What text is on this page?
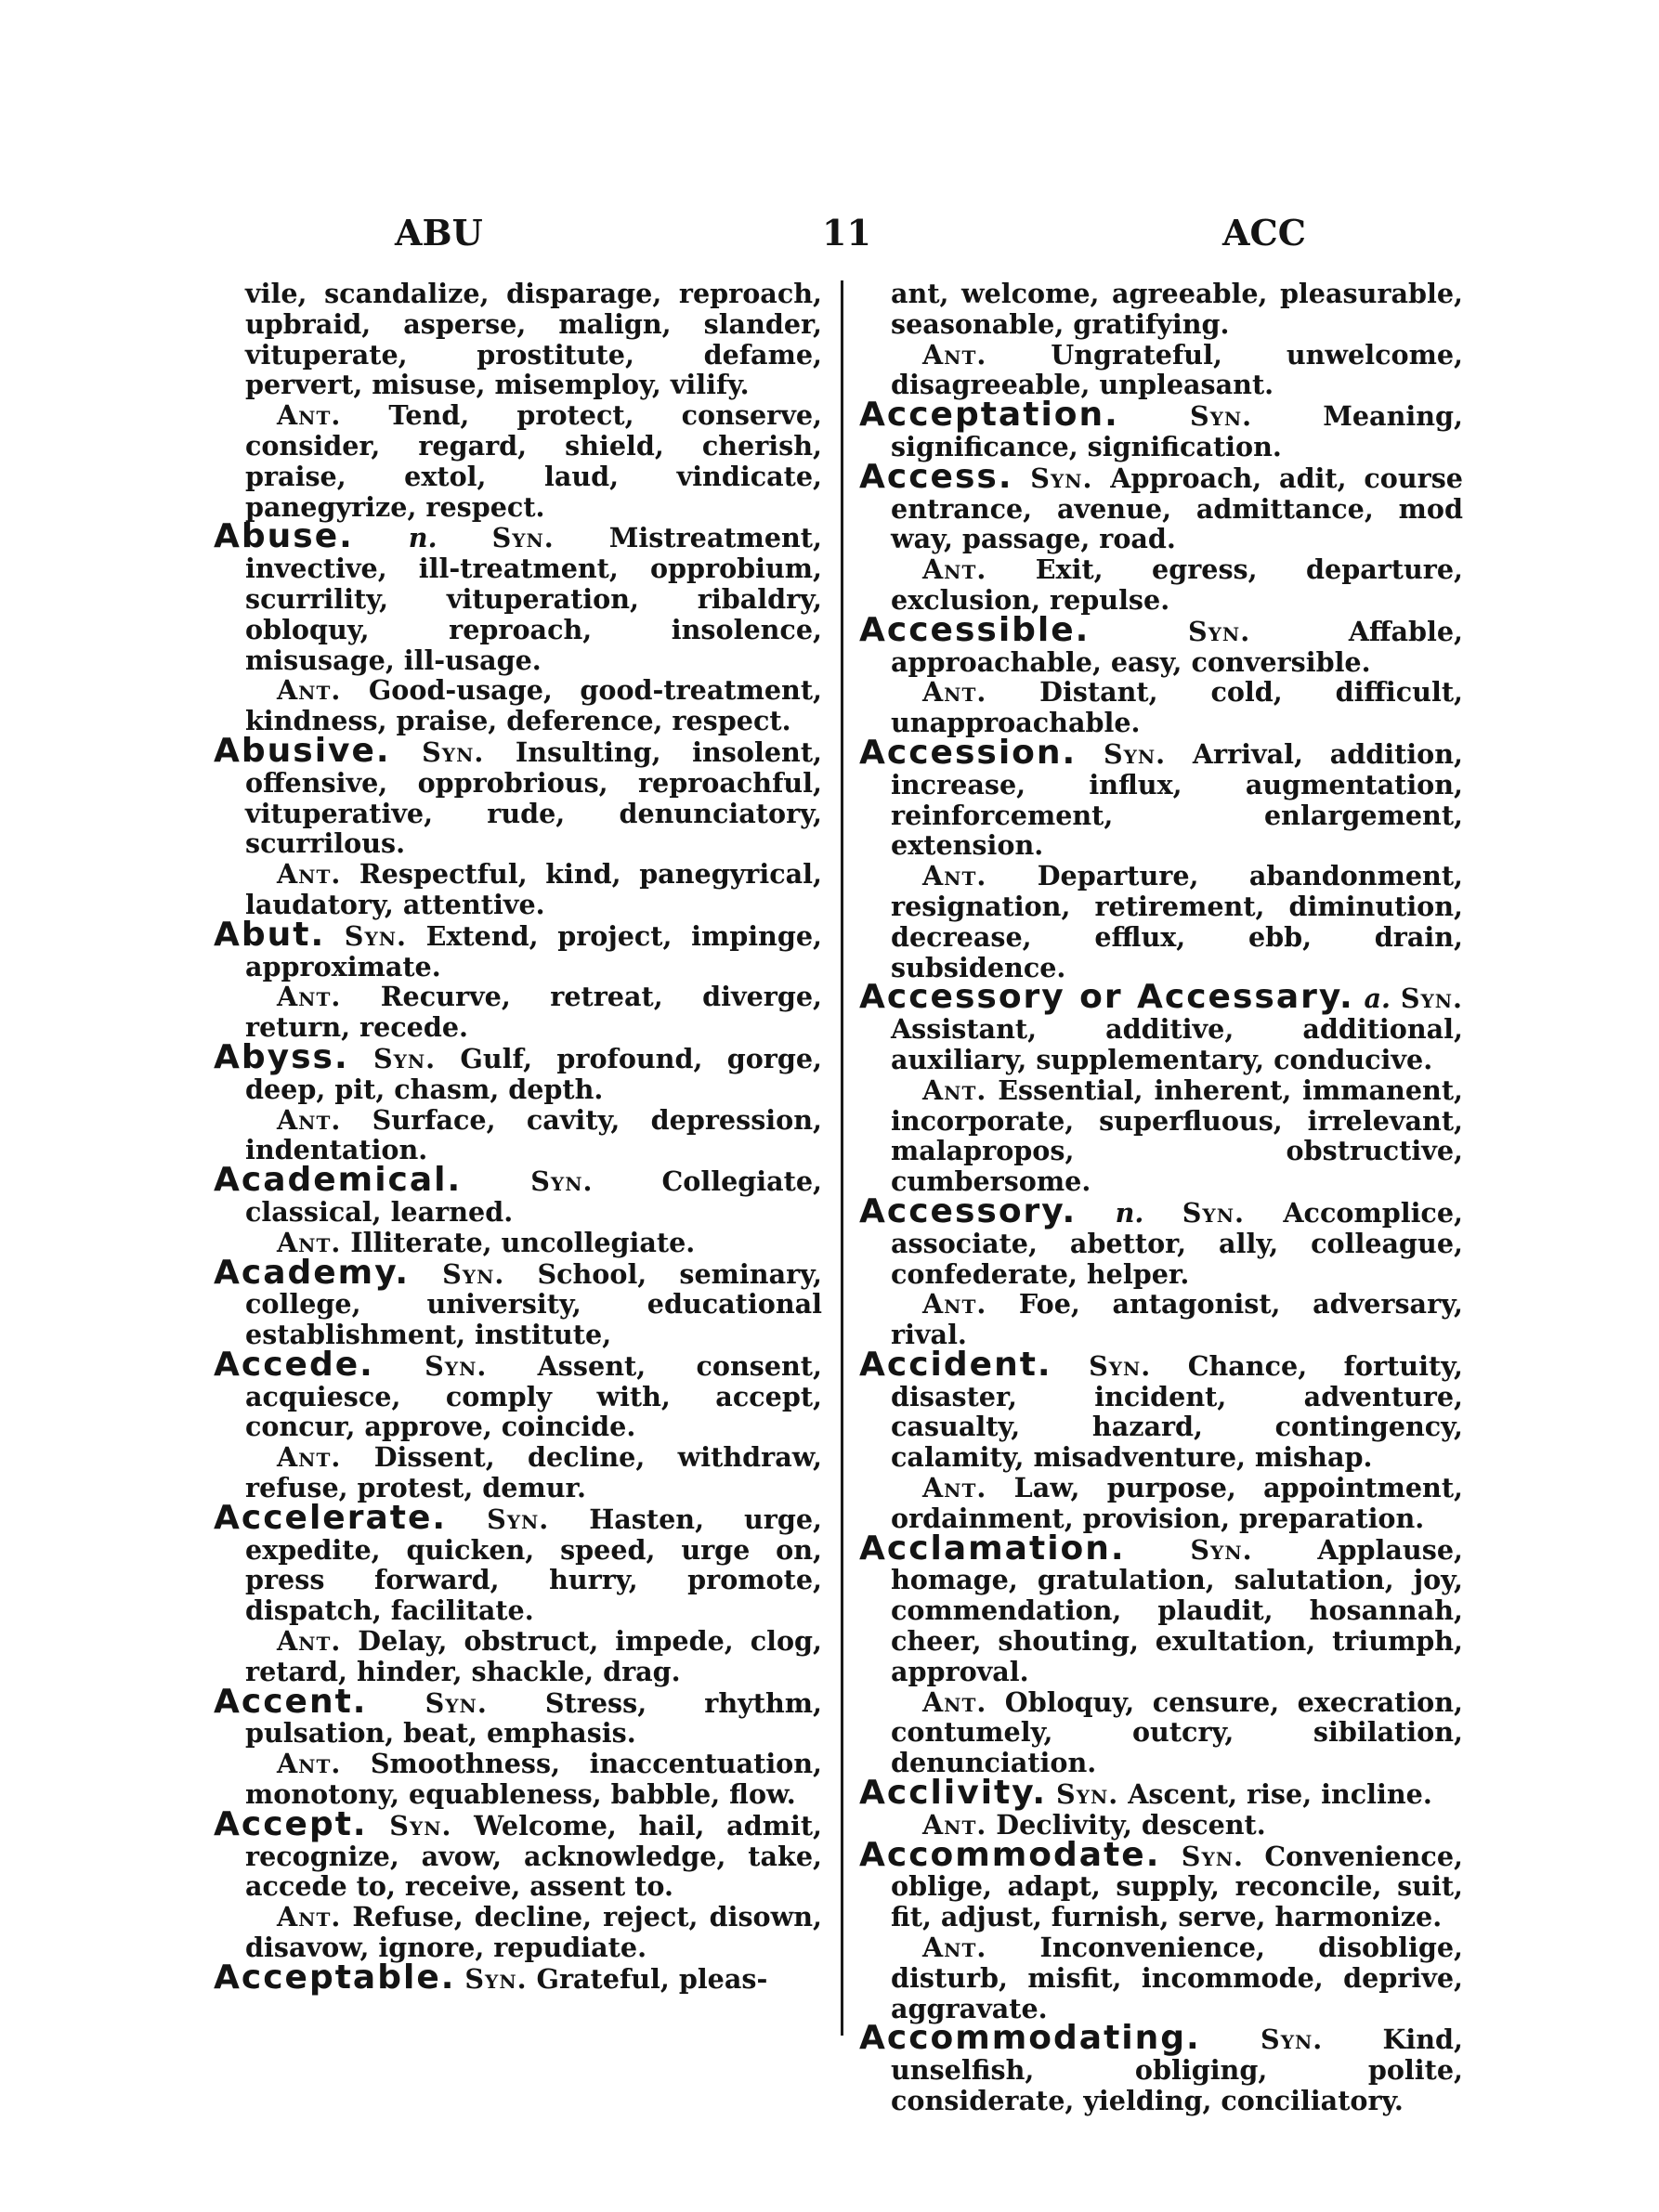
ABU	11	ACC

vile, scandalize, disparage, reproach, upbraid, asperse, malign, slander, vituperate, prostitute, defame, pervert, misuse, misemploy, vilify.

Ant. Tend, protect, conserve, consider, regard, shield, cherish, praise, extol, laud, vindicate, panegyrize, respect.

Abuse. n. Syn. Mistreatment, invective, ill-treatment, opprobium, scurrility, vituperation, ribaldry, obloquy, reproach, insolence, misusage, ill-usage.

Ant. Good-usage, good-treatment, kindness, praise, deference, respect.

Abusive. Syn. Insulting, insolent, offensive, opprobrious, reproachful, vituperative, rude, denunciatory, scurrilous.

Ant. Respectful, kind, panegyrical, laudatory, attentive.

Abut. Syn. Extend, project, impinge, approximate.

Ant. Recurve, retreat, diverge, return, recede.

Abyss. Syn. Gulf, profound, gorge, deep, pit, chasm, depth.

Ant. Surface, cavity, depression, indentation.

Academical.	Syn.	Collegiate, classical, learned.

Ant. Illiterate, uncollegiate.

Academy. Syn. School, seminary, college, university, educational establishment, institute,

Accede. Syn. Assent, consent, acquiesce, comply with, accept, concur, approve, coincide.

Ant. Dissent, decline, withdraw, refuse, protest, demur.

Accelerate. Syn. Hasten, urge, expedite, quicken, speed, urge on, press forward, hurry, promote, dispatch, facilitate.

Ant. Delay, obstruct, impede, clog, retard, hinder, shackle, drag.

Accent. Syn. Stress, rhythm, pulsation, beat, emphasis.

Ant. Smoothness, inaccentuation, monotony, equableness, babble, flow.

Accept. Syn. Welcome, hail, admit, recognize, avow, acknowledge, take, accede to, receive, assent to.

Ant. Refuse, decline, reject, disown, disavow, ignore, repudiate.

Acceptable. Syn. Grateful, pleas-

ant, welcome, agreeable, pleasurable, seasonable, gratifying.

Ant. Ungrateful, unwelcome, disagreeable, unpleasant.

Acceptation.	Syn.	Meaning, significance, signification.

Access. Syn. Approach, adit, course entrance, avenue, admittance, mod way, passage, road.

Ant. Exit, egress, departure, exclusion, repulse.

Accessible.	Syn.	Affable, approachable, easy, conversible.

Ant. Distant, cold, difficult, unapproachable.

Accession. Syn. Arrival, addition, increase, influx, augmentation, reinforcement, enlargement, extension.

Ant. Departure, abandonment, resignation, retirement, diminution, decrease, efflux, ebb, drain, subsidence.

Accessory or Accessary. a. Syn. Assistant, additive, additional, auxiliary, supplementary, conducive.

Ant. Essential, inherent, immanent, incorporate, superfluous, irrelevant, malapropos, obstructive, cumbersome.

Accessory. n. Syn. Accomplice, associate, abettor, ally, colleague, confederate, helper.

Ant. Foe, antagonist, adversary, rival.

Accident. Syn. Chance, fortuity, disaster, incident, adventure, casualty, hazard, contingency, calamity, misadventure, mishap.

Ant. Law, purpose, appointment, ordainment, provision, preparation.

Acclamation. Syn. Applause, homage, gratulation, salutation, joy, commendation, plaudit, hosannah, cheer, shouting, exultation, triumph, approval.

Ant. Obloquy, censure, execration, contumely, outcry, sibilation, denunciation.

Acclivity. Syn. Ascent, rise, incline.

Ant. Declivity, descent.

Accommodate. Syn. Convenience, oblige, adapt, supply, reconcile, suit, fit, adjust, furnish, serve, harmonize.

Ant. Inconvenience, disoblige, disturb, misfit, incommode, deprive, aggravate.

Accommodating. Syn. Kind, unselfish, obliging, polite, considerate, yielding, conciliatory.
